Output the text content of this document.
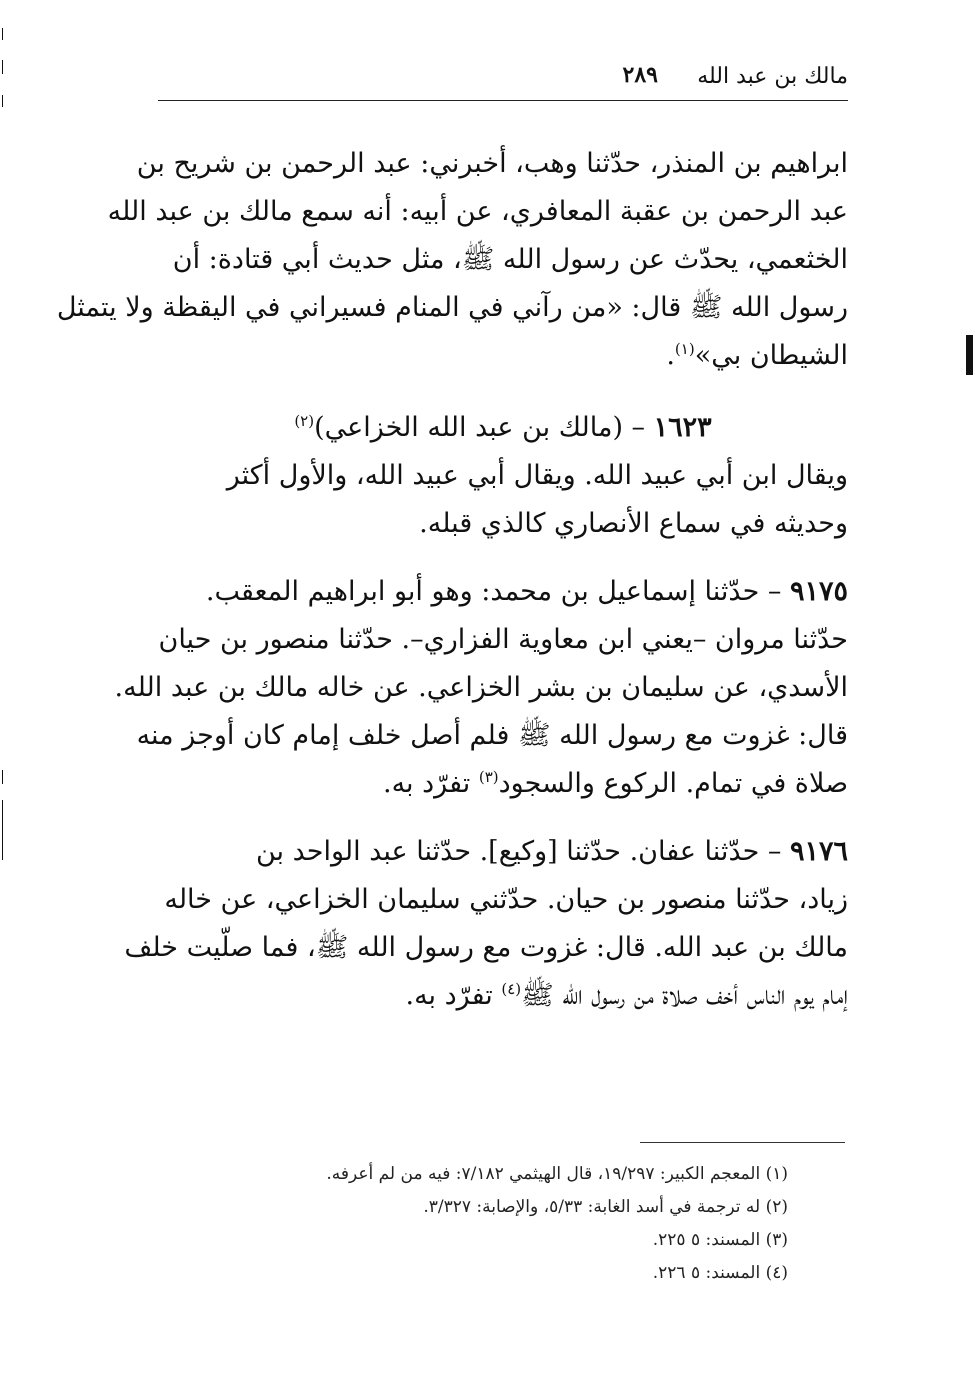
مالك بن عبد الله
٢٨٩

ابراهيم بن المنذر، حدّثنا وهب، أخبرني: عبد الرحمن بن شريح بن
عبد الرحمن بن عقبة المعافري، عن أبيه: أنه سمع مالك بن عبد الله
الخثعمي، يحدّث عن رسول الله ﷺ، مثل حديث أبي قتادة: أن
رسول الله ﷺ قال: «من رآني في المنام فسيراني في اليقظة ولا يتمثل
الشيطان بي»$^{(١)}$.

١٦٢٣ – (مالك بن عبد الله الخزاعي)$^{(٢)}$

ويقال ابن أبي عبيد الله. ويقال أبي عبيد الله، والأول أكثر
وحديثه في سماع الأنصاري كالذي قبله.

٩١٧٥ – حدّثنا إسماعيل بن محمد: وهو أبو ابراهيم المعقب.
حدّثنا مروان –يعني ابن معاوية الفزاري–. حدّثنا منصور بن حيان
الأسدي، عن سليمان بن بشر الخزاعي. عن خاله مالك بن عبد الله.
قال: غزوت مع رسول الله ﷺ فلم أصل خلف إمام كان أوجز منه
صلاة في تمام. الركوع والسجود$^{(٣)}$ تفرّد به.

٩١٧٦ – حدّثنا عفان. حدّثنا [وكيع]. حدّثنا عبد الواحد بن
زياد، حدّثنا منصور بن حيان. حدّثني سليمان الخزاعي، عن خاله
مالك بن عبد الله. قال: غزوت مع رسول الله ﷺ، فما صلّيت خلف
إمام يوم الناس أخف صلاة من رسول الله ﷺ$^{(٤)}$ تفرّد به.

(١) المعجم الكبير: ١٩/٢٩٧، قال الهيثمي ٧/١٨٢: فيه من لم أعرفه.
(٢) له ترجمة في أسد الغابة: ٥/٣٣، والإصابة: ٣/٣٢٧.
(٣) المسند: ٥ ٢٢٥.
(٤) المسند: ٥ ٢٢٦.
